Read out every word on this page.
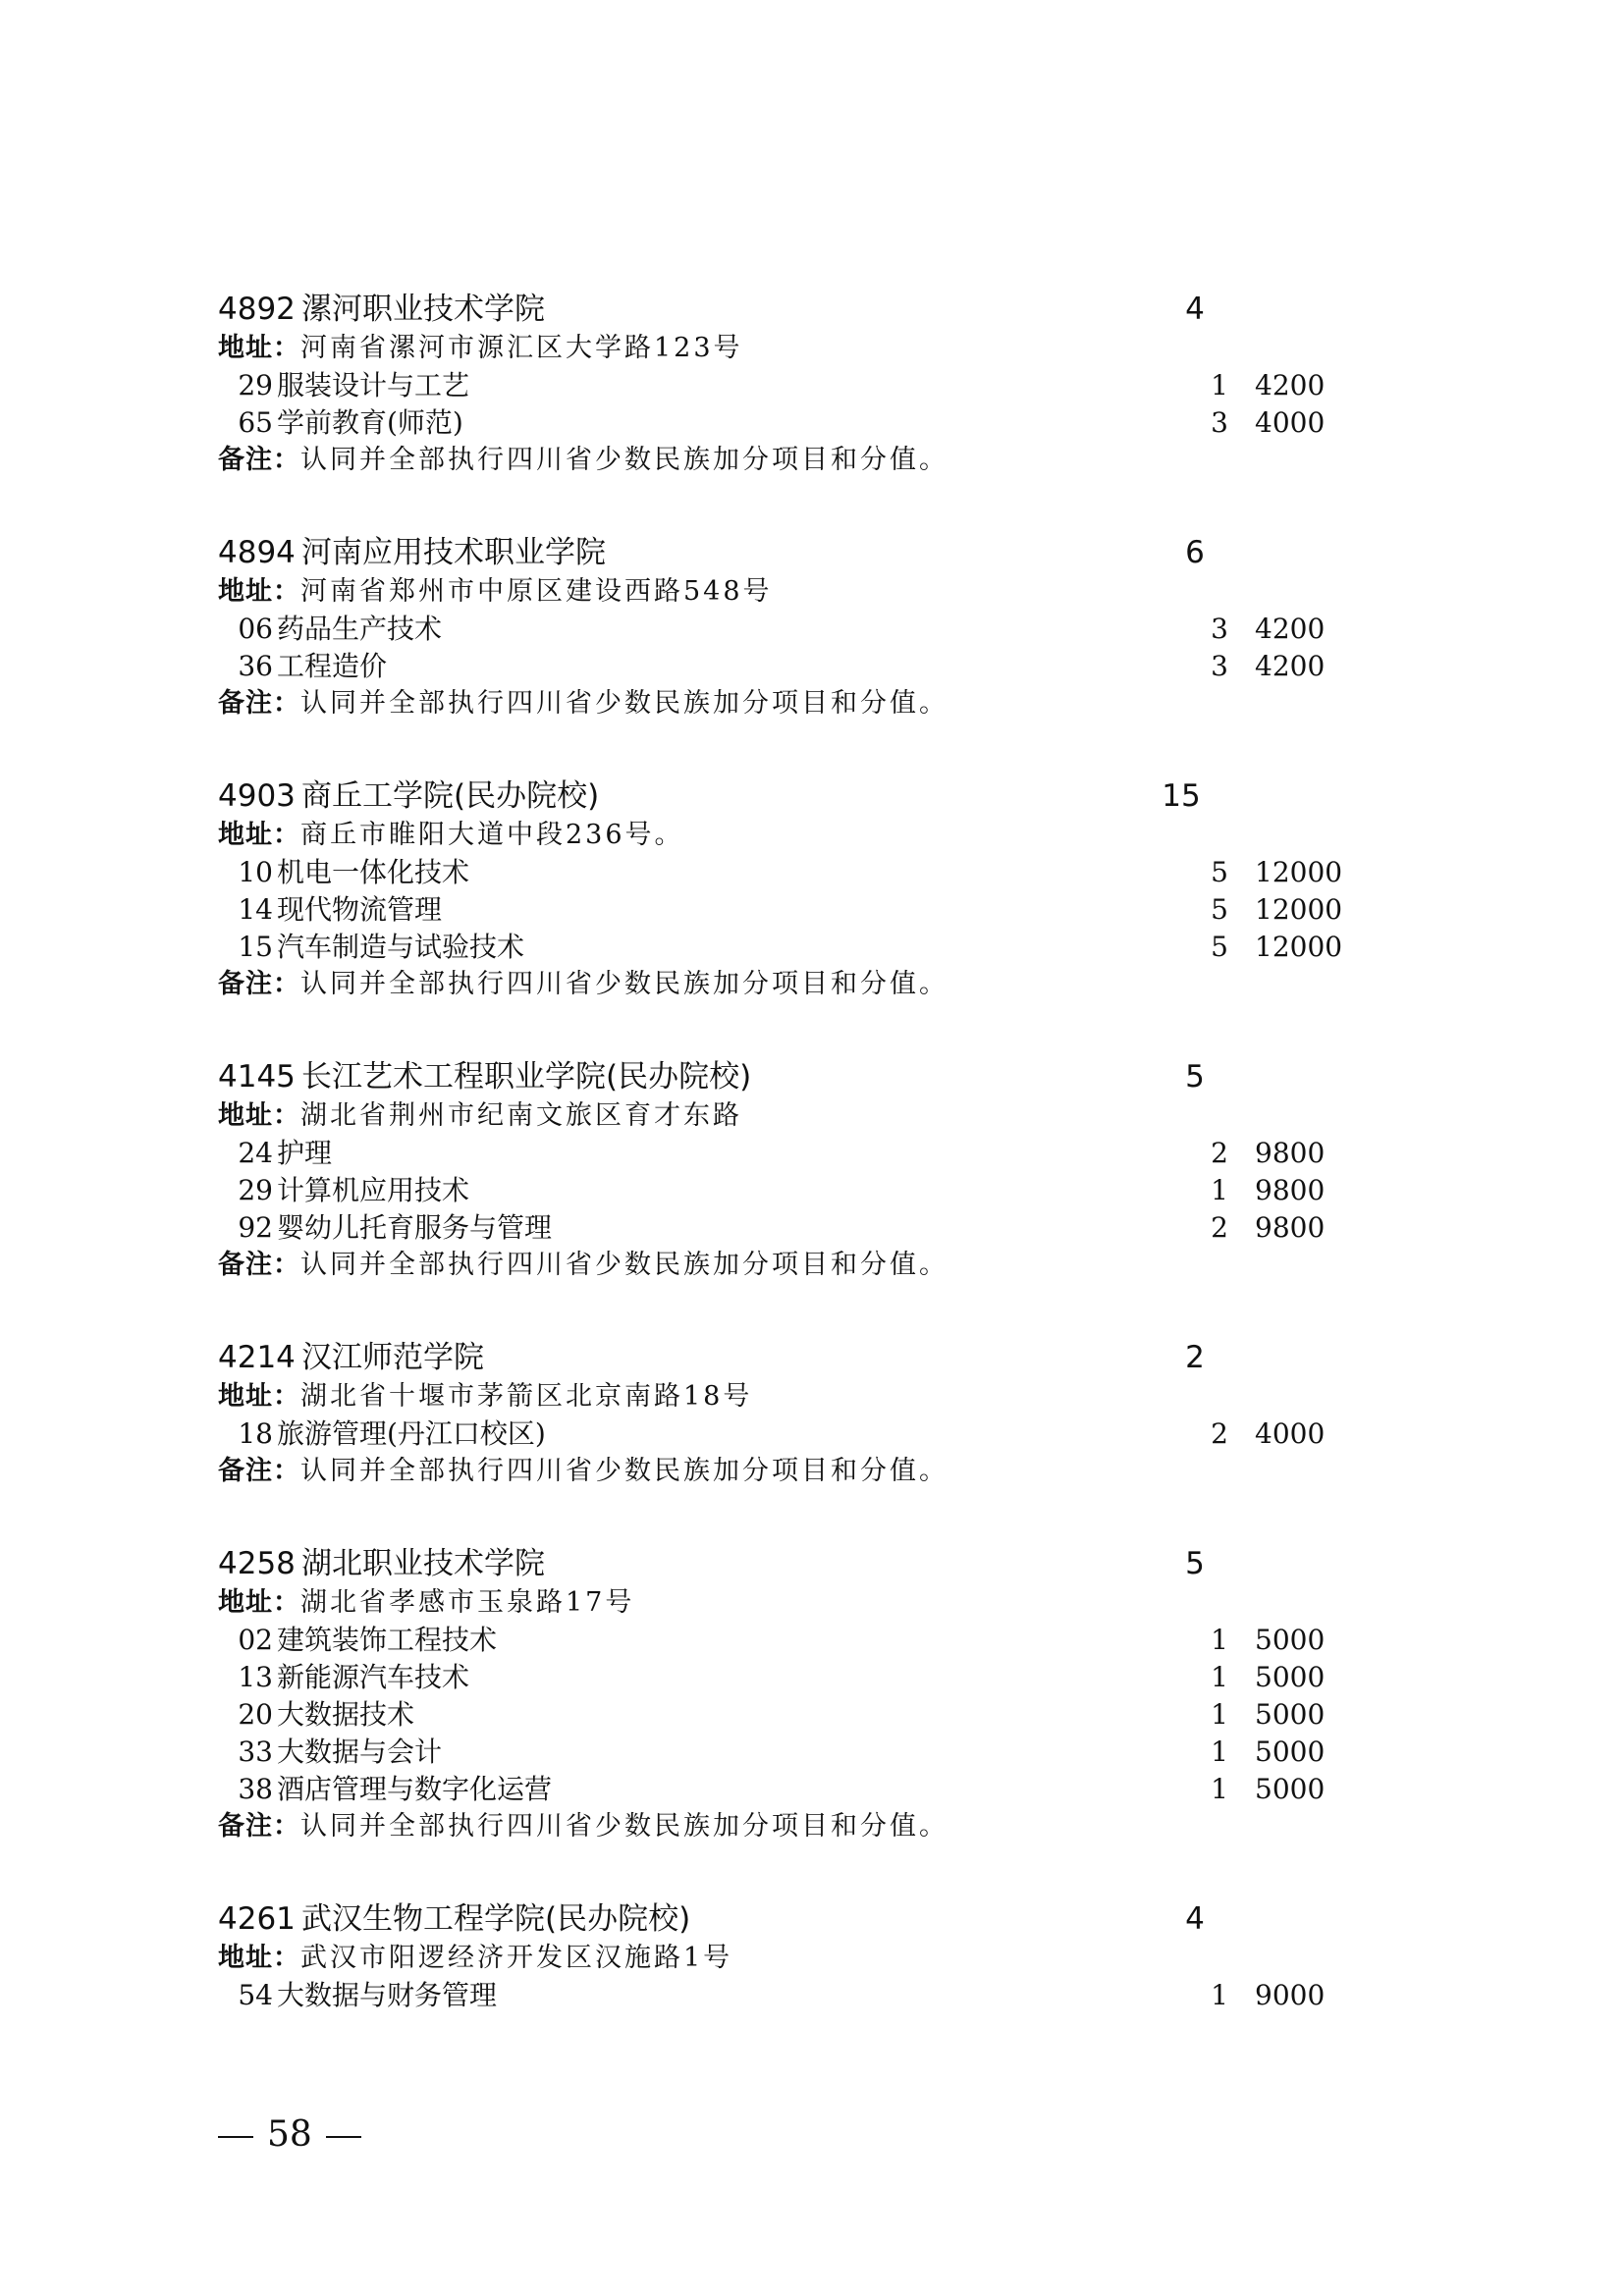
4892 漯河职业技术学院	4
地址：河南省漯河市源汇区大学路123号
29 服装设计与工艺	1 4200
65 学前教育(师范)	3 4000
备注：认同并全部执行四川省少数民族加分项目和分值。
4894 河南应用技术职业学院	6
地址：河南省郑州市中原区建设西路548号
06 药品生产技术	3 4200
36 工程造价	3 4200
备注：认同并全部执行四川省少数民族加分项目和分值。
4903 商丘工学院(民办院校)	15
地址：商丘市睢阳大道中段236号。
10 机电一体化技术	5 12000
14 现代物流管理	5 12000
15 汽车制造与试验技术	5 12000
备注：认同并全部执行四川省少数民族加分项目和分值。
4145 长江艺术工程职业学院(民办院校)	5
地址：湖北省荆州市纪南文旅区育才东路
24 护理	2 9800
29 计算机应用技术	1 9800
92 婴幼儿托育服务与管理	2 9800
备注：认同并全部执行四川省少数民族加分项目和分值。
4214 汉江师范学院	2
地址：湖北省十堰市茅箭区北京南路18号
18 旅游管理(丹江口校区)	2 4000
备注：认同并全部执行四川省少数民族加分项目和分值。
4258 湖北职业技术学院	5
地址：湖北省孝感市玉泉路17号
02 建筑装饰工程技术	1 5000
13 新能源汽车技术	1 5000
20 大数据技术	1 5000
33 大数据与会计	1 5000
38 酒店管理与数字化运营	1 5000
备注：认同并全部执行四川省少数民族加分项目和分值。
4261 武汉生物工程学院(民办院校)	4
地址：武汉市阳逻经济开发区汉施路1号
54 大数据与财务管理	1 9000
58
